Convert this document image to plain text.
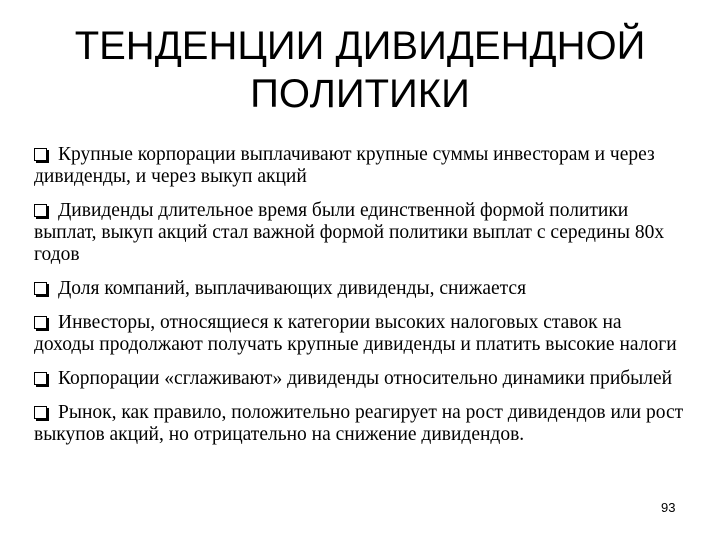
ТЕНДЕНЦИИ ДИВИДЕНДНОЙ
ПОЛИТИКИ
Крупные корпорации выплачивают крупные суммы инвесторам и через дивиденды, и через выкуп акций
Дивиденды длительное время были единственной формой политики выплат, выкуп акций стал важной формой политики выплат с середины 80х годов
Доля компаний, выплачивающих дивиденды, снижается
Инвесторы, относящиеся к категории высоких налоговых ставок на доходы продолжают получать крупные дивиденды и платить высокие налоги
Корпорации «сглаживают» дивиденды относительно динамики прибылей
Рынок, как правило, положительно реагирует на рост дивидендов или рост выкупов акций, но отрицательно на снижение дивидендов.
93
